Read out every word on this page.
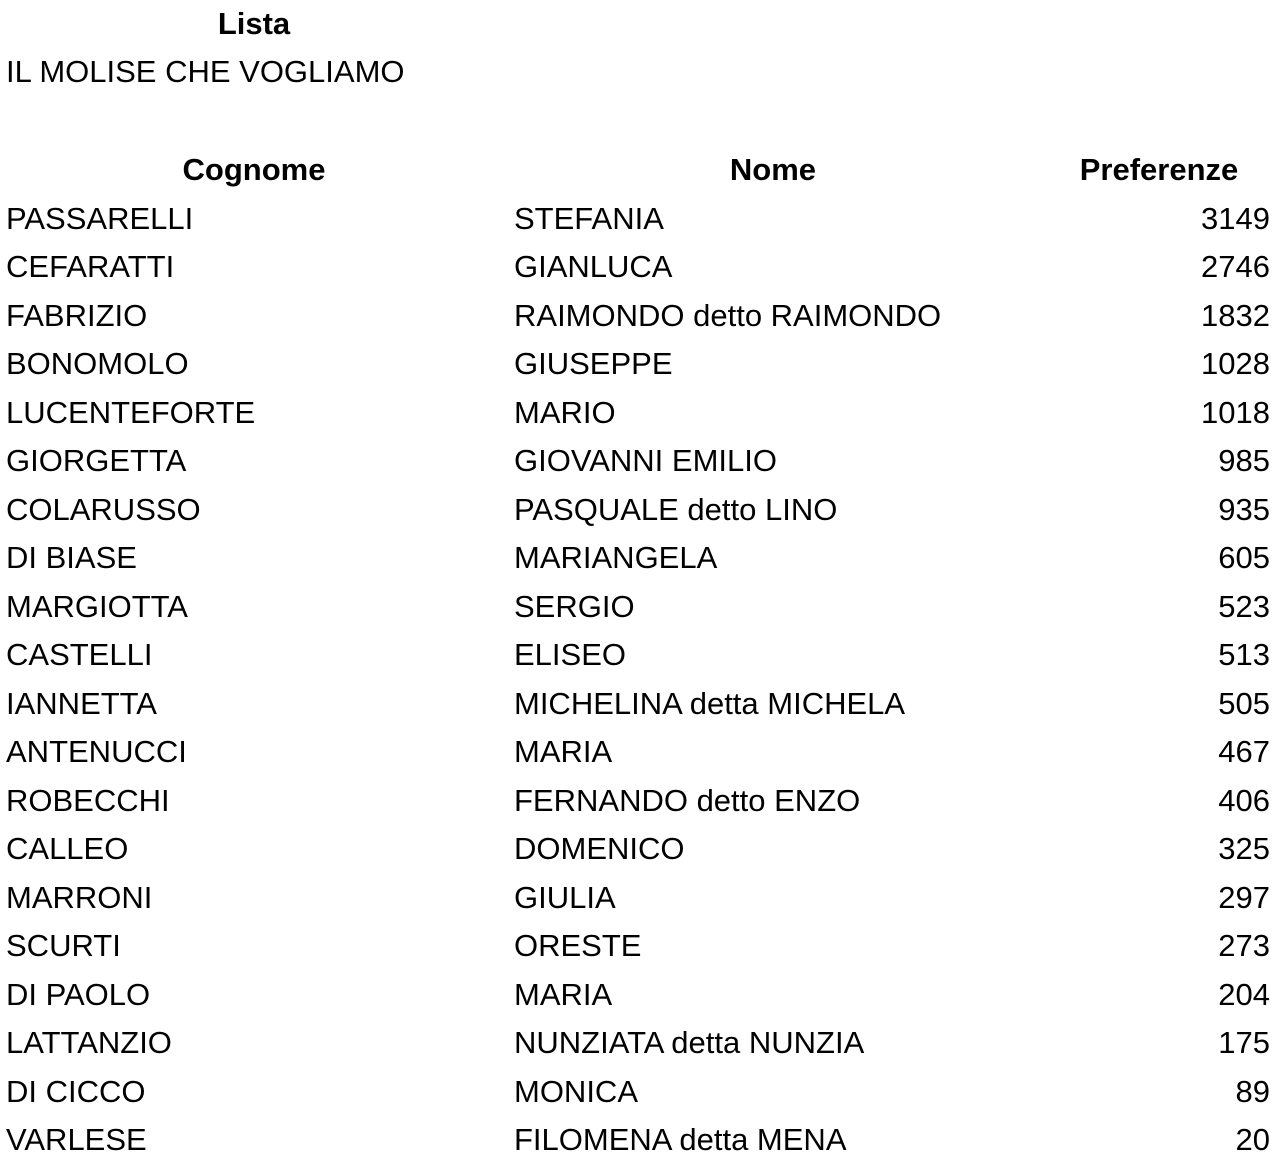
Lista
IL MOLISE CHE VOGLIAMO
Cognome	Nome	Preferenze
PASSARELLI	STEFANIA	3149
CEFARATTI	GIANLUCA	2746
FABRIZIO	RAIMONDO detto RAIMONDO	1832
BONOMOLO	GIUSEPPE	1028
LUCENTEFORTE	MARIO	1018
GIORGETTA	GIOVANNI EMILIO	985
COLARUSSO	PASQUALE detto LINO	935
DI BIASE	MARIANGELA	605
MARGIOTTA	SERGIO	523
CASTELLI	ELISEO	513
IANNETTA	MICHELINA detta MICHELA	505
ANTENUCCI	MARIA	467
ROBECCHI	FERNANDO detto ENZO	406
CALLEO	DOMENICO	325
MARRONI	GIULIA	297
SCURTI	ORESTE	273
DI PAOLO	MARIA	204
LATTANZIO	NUNZIATA detta NUNZIA	175
DI CICCO	MONICA	89
VARLESE	FILOMENA detta MENA	20
